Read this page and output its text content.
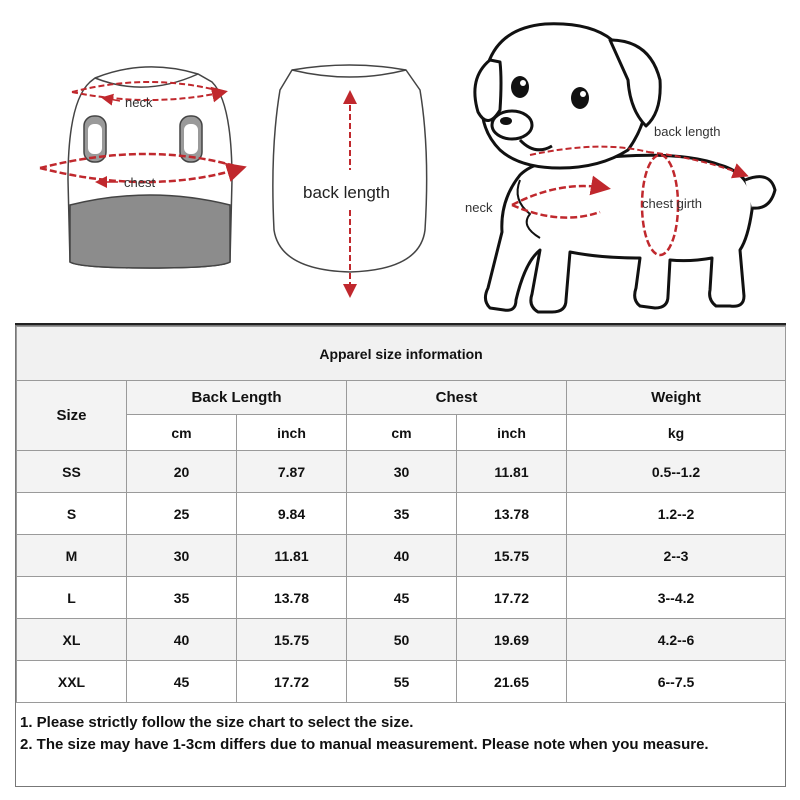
neck
chest
back length
back length
neck	chest girth
Apparel size information					
Size	Back Length		Chest		Weight
	cm	inch	cm	inch	kg
SS	20	7.87	30	11.81	0.5--1.2
S	25	9.84	35	13.78	1.2--2
M	30	11.81	40	15.75	2--3
L	35	13.78	45	17.72	3--4.2
XL	40	15.75	50	19.69	4.2--6
XXL	45	17.72	55	21.65	6--7.5

1. Please strictly follow the size chart to select the size.

2. The size may have 1-3cm differs due to manual measurement. Please note when you measure.
